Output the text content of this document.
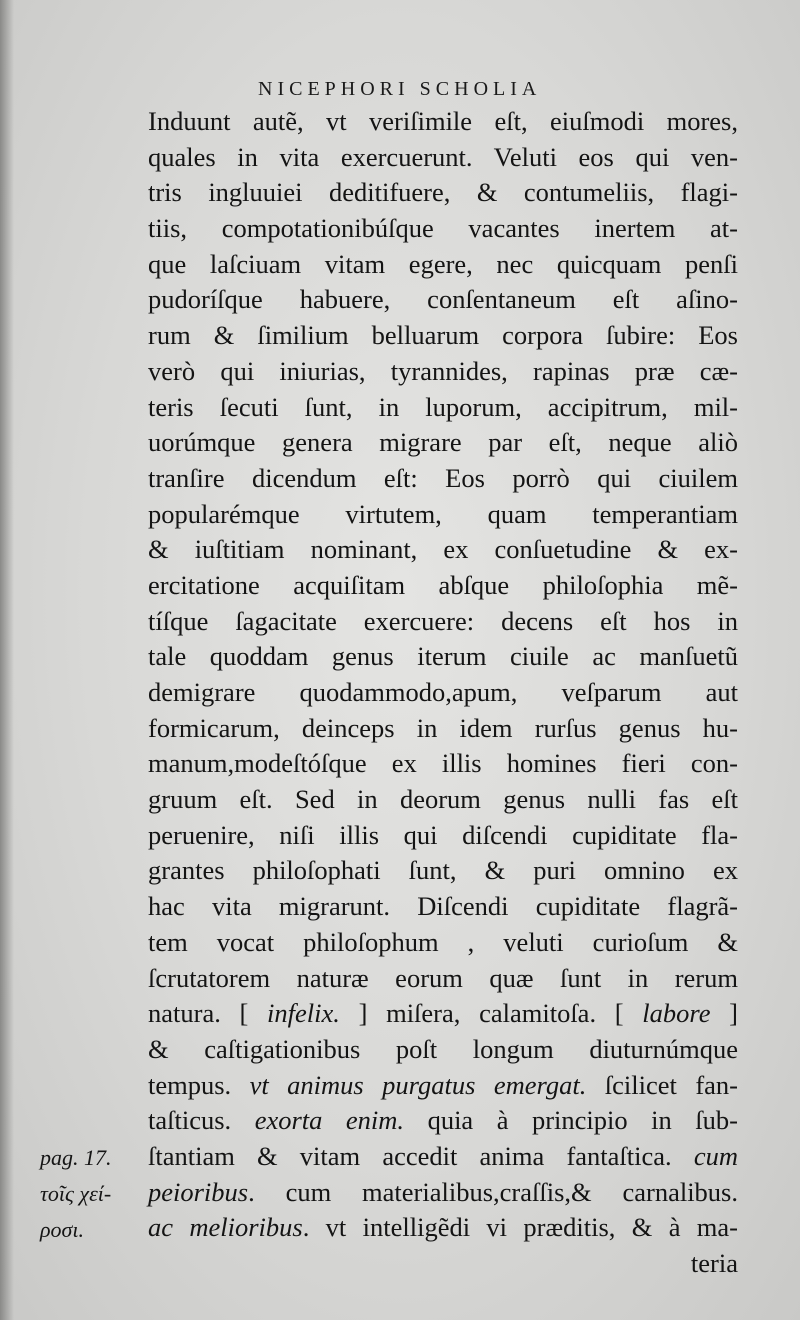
NICEPHORI SCHOLIA
Induunt autẽ, vt veriſimile eſt, eiuſmodi mores,
quales in vita exercuerunt. Veluti eos qui ven-
tris ingluuiei deditifuere, & contumeliis, flagi-
tiis, compotationibúſque vacantes inertem at-
que laſciuam vitam egere, nec quicquam penſi
pudoríſque habuere, conſentaneum eſt aſino-
rum & ſimilium belluarum corpora ſubire: Eos
verò qui iniurias, tyrannides, rapinas præ cæ-
teris ſecuti ſunt, in luporum, accipitrum, mil-
uorúmque genera migrare par eſt, neque aliò
tranſire dicendum eſt: Eos porrò qui ciuilem
popularémque virtutem, quam temperantiam
& iuſtitiam nominant, ex conſuetudine & ex-
ercitatione acquiſitam abſque philoſophia mẽ-
tíſque ſagacitate exercuere: decens eſt hos in
tale quoddam genus iterum ciuile ac manſuetũ
demigrare quodammodo,apum, veſparum aut
formicarum, deinceps in idem rurſus genus hu-
manum,modeſtóſque ex illis homines fieri con-
gruum eſt. Sed in deorum genus nulli fas eſt
peruenire, niſi illis qui diſcendi cupiditate fla-
grantes philoſophati ſunt, & puri omnino ex
hac vita migrarunt. Diſcendi cupiditate flagrã-
tem vocat philoſophum , veluti curioſum &
ſcrutatorem naturæ eorum quæ ſunt in rerum
natura. [ infelix. ] miſera, calamitoſa. [ labore ]
& caſtigationibus poſt longum diuturnúmque
tempus. vt animus purgatus emergat. ſcilicet fan-
taſticus. exorta enim. quia à principio in ſub-
ſtantiam & vitam accedit anima fantaſtica. cum
peioribus. cum materialibus,craſſis,& carnalibus.
ac melioribus. vt intelligẽdi vi præditis, & à ma-
teria
pag. 17.
τοῖς χεί-
ροσι.
